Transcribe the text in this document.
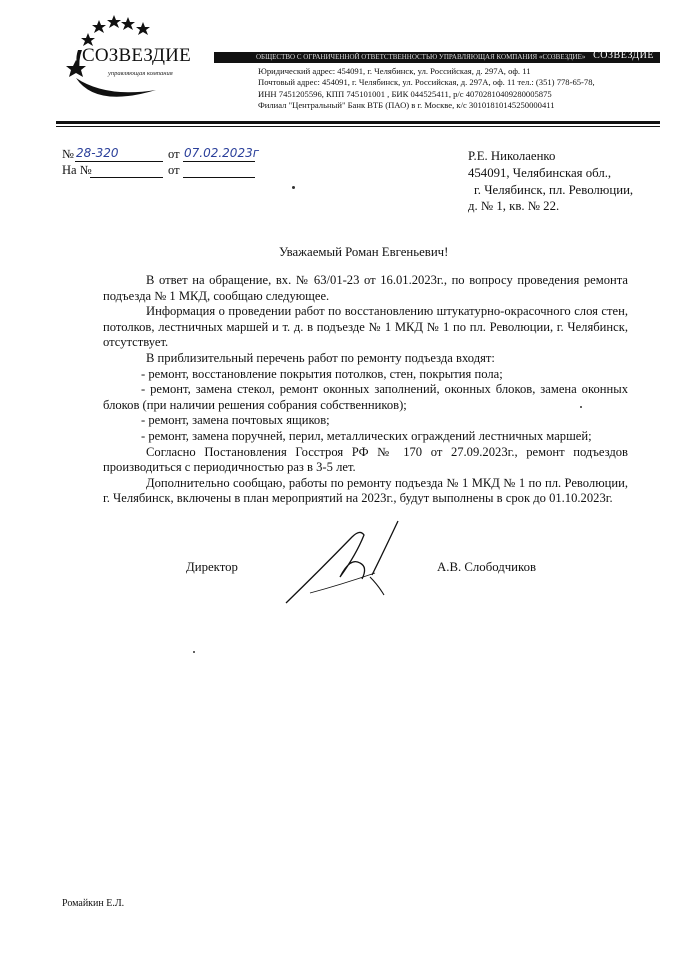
СОЗВЕЗДИЕ
управляющая компания
ОБЩЕСТВО С ОГРАНИЧЕННОЙ ОТВЕТСТВЕННОСТЬЮ УПРАВЛЯЮЩАЯ КОМПАНИЯ «СОЗВЕЗДИЕ» СОЗВЕЗДИЕ
Юридический адрес: 454091, г. Челябинск, ул. Российская, д. 297А, оф. 11
Почтовый адрес: 454091, г. Челябинск, ул. Российская, д. 297А, оф. 11 тел.: (351) 778-65-78,
ИНН 7451205596, КПП 745101001 , БИК 044525411, р/с 40702810409280005875
Филиал "Центральный" Банк ВТБ (ПАО) в г. Москве, к/с 30101810145250000411
№ 28-320	от 07.02.2023г
На №	от
Р.Е. Николаенко
454091, Челябинская обл.,
г. Челябинск, пл. Революции,
д. № 1, кв. № 22.
Уважаемый Роман Евгеньевич!

В ответ на обращение, вх. № 63/01-23 от 16.01.2023г., по вопросу проведения ремонта подъезда № 1 МКД, сообщаю следующее.

Информация о проведении работ по восстановлению штукатурно-окрасочного слоя стен, потолков, лестничных маршей и т. д. в подъезде № 1 МКД № 1 по пл. Революции, г. Челябинск, отсутствует.

В приблизительный перечень работ по ремонту подъезда входят:

- ремонт, восстановление покрытия потолков, стен, покрытия пола;

- ремонт, замена стекол, ремонт оконных заполнений, оконных блоков, замена оконных блоков (при наличии решения собрания собственников);

- ремонт, замена почтовых ящиков;

- ремонт, замена поручней, перил, металлических ограждений лестничных маршей;

Согласно Постановления Госстроя РФ № 170 от 27.09.2023г., ремонт подъездов производиться с периодичностью раз в 3-5 лет.

Дополнительно сообщаю, работы по ремонту подъезда № 1 МКД № 1 по пл. Революции, г. Челябинск, включены в план мероприятий на 2023г., будут выполнены в срок до 01.10.2023г.

Директор	А.В. Слободчиков
Ромайкин Е.Л.
